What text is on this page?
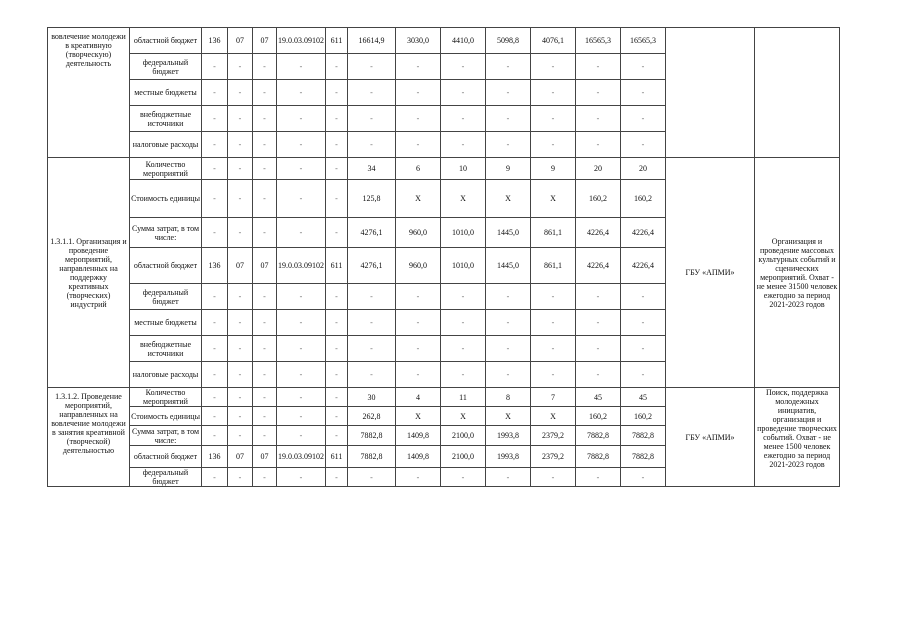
вовлечение молодежи в креативную (творческую) деятельность	областной бюджет	136	07	07	19.0.03.09102	611	16614,9	3030,0	4410,0	5098,8	4076,1	16565,3	16565,3		
	федеральный бюджет	-	-	-	-	-	-	-	-	-	-	-	-		
	местные бюджеты	-	-	-	-	-	-	-	-	-	-	-	-		
	внебюджетные источники	-	-	-	-	-	-	-	-	-	-	-	-		
	налоговые расходы	-	-	-	-	-	-	-	-	-	-	-	-		
1.3.1.1. Организация и проведение мероприятий, направленных на поддержку креативных (творческих) индустрий	Количество мероприятий	-	-	-	-	-	34	6	10	9	9	20	20	ГБУ «АПМИ»	Организация и проведение массовых культурных событий и сценических мероприятий. Охват - не менее 31500 человек ежегодно за период 2021-2023 годов
	Стоимость единицы	-	-	-	-	-	125,8	X	X	X	X	160,2	160,2		
	Сумма затрат, в том числе:	-	-	-	-	-	4276,1	960,0	1010,0	1445,0	861,1	4226,4	4226,4		
	областной бюджет	136	07	07	19.0.03.09102	611	4276,1	960,0	1010,0	1445,0	861,1	4226,4	4226,4		
	федеральный бюджет	-	-	-	-	-	-	-	-	-	-	-	-		
	местные бюджеты	-	-	-	-	-	-	-	-	-	-	-	-		
	внебюджетные источники	-	-	-	-	-	-	-	-	-	-	-	-		
	налоговые расходы	-	-	-	-	-	-	-	-	-	-	-	-		
1.3.1.2. Проведение мероприятий, направленных на вовлечение молодежи в занятия креативной (творческой) деятельностью	Количество мероприятий	-	-	-	-	-	30	4	11	8	7	45	45	ГБУ «АПМИ»	Поиск, поддержка молодежных инициатив, организация и проведение творческих событий. Охват - не менее 1500 человек ежегодно за период 2021-2023 годов
	Стоимость единицы	-	-	-	-	-	262,8	X	X	X	X	160,2	160,2		
	Сумма затрат, в том числе:	-	-	-	-	-	7882,8	1409,8	2100,0	1993,8	2379,2	7882,8	7882,8		
	областной бюджет	136	07	07	19.0.03.09102	611	7882,8	1409,8	2100,0	1993,8	2379,2	7882,8	7882,8		
	федеральный бюджет	-	-	-	-	-	-	-	-	-	-	-	-		
